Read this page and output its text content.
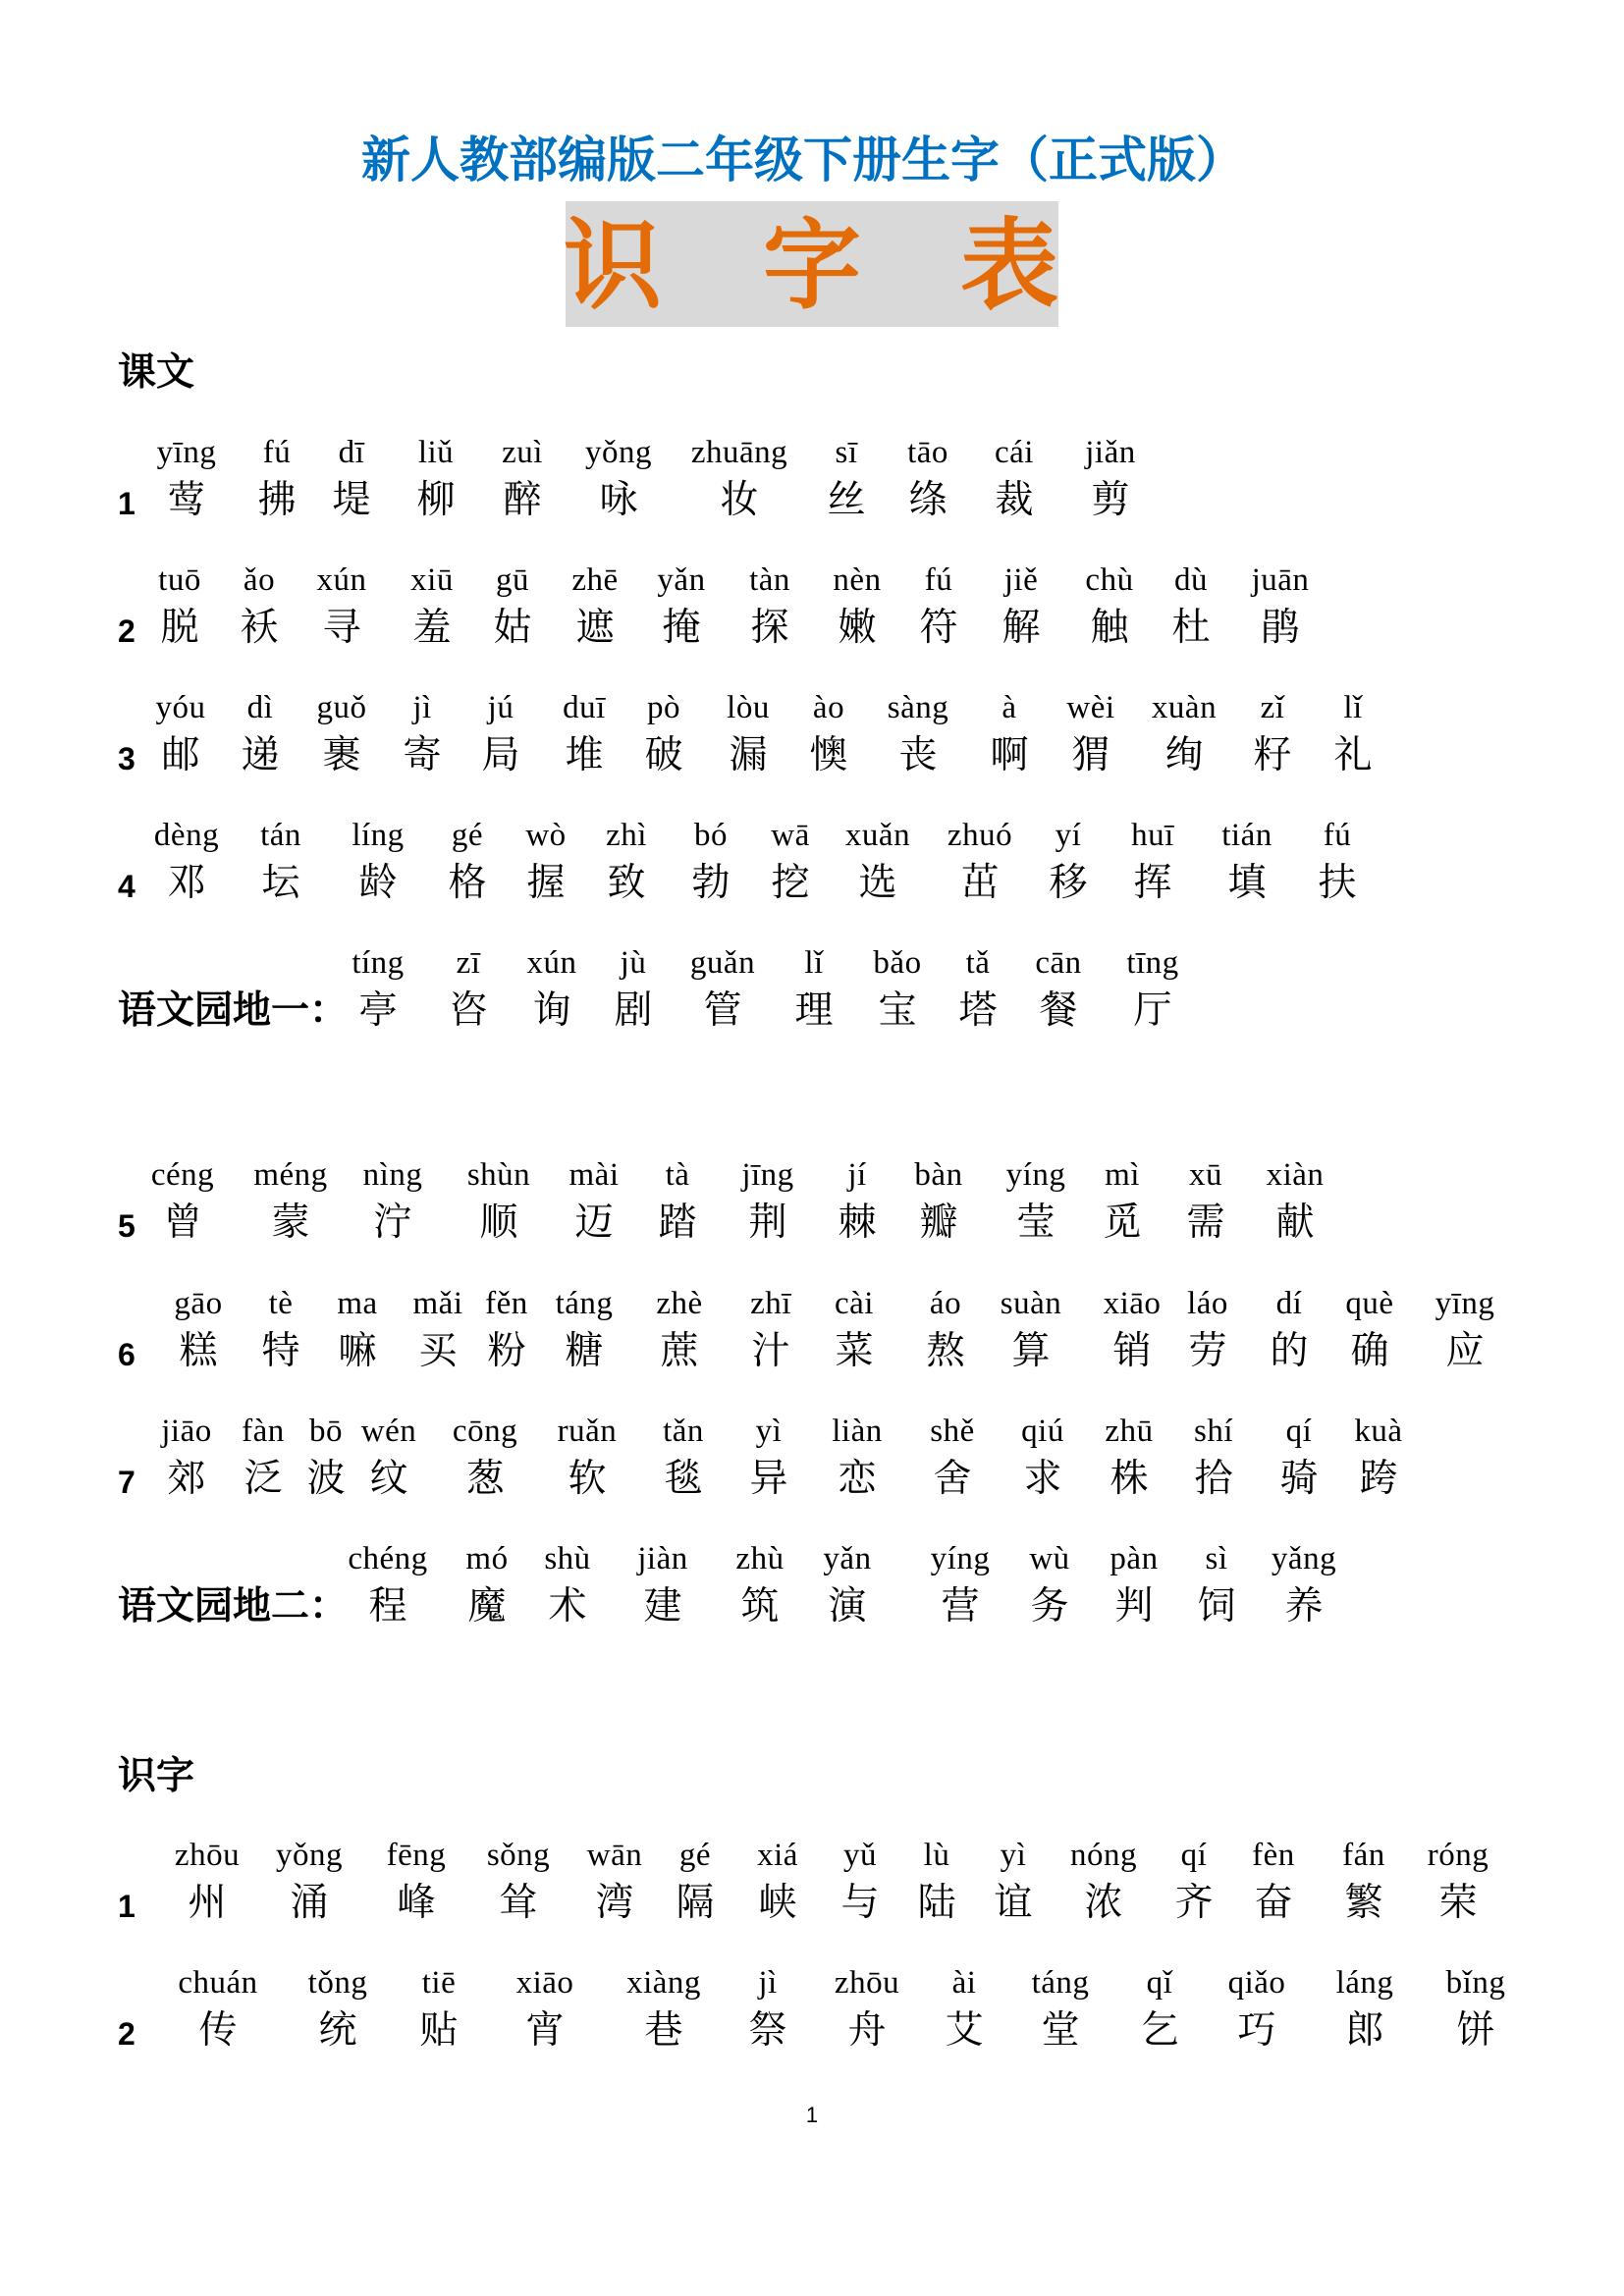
新人教部编版二年级下册生字（正式版）
识 字 表
课文
1
yīng
莺
fú
拂
dī
堤
liǔ
柳
zuì
醉
yǒng
咏
zhuāng
妆
sī
丝
tāo
绦
cái
裁
jiǎn
剪
2
tuō
脱
ǎo
袄
xún
寻
xiū
羞
gū
姑
zhē
遮
yǎn
掩
tàn
探
nèn
嫩
fú
符
jiě
解
chù
触
dù
杜
juān
鹃
3
yóu
邮
dì
递
guǒ
裹
jì
寄
jú
局
duī
堆
pò
破
lòu
漏
ào
懊
sàng
丧
à
啊
wèi
猬
xuàn
绚
zǐ
籽
lǐ
礼
4
dèng
邓
tán
坛
líng
龄
gé
格
wò
握
zhì
致
bó
勃
wā
挖
xuǎn
选
zhuó
茁
yí
移
huī
挥
tián
填
fú
扶
语文园地一：
tíng
亭
zī
咨
xún
询
jù
剧
guǎn
管
lǐ
理
bǎo
宝
tǎ
塔
cān
餐
tīng
厅
5
céng
曾
méng
蒙
nìng
泞
shùn
顺
mài
迈
tà
踏
jīng
荆
jí
棘
bàn
瓣
yíng
莹
mì
觅
xū
需
xiàn
献
6
gāo
糕
tè
特
ma
嘛
mǎi
买
fěn
粉
táng
糖
zhè
蔗
zhī
汁
cài
菜
áo
熬
suàn
算
xiāo
销
láo
劳
dí
的
què
确
yīng
应
7
jiāo
郊
fàn
泛
bō
波
wén
纹
cōng
葱
ruǎn
软
tǎn
毯
yì
异
liàn
恋
shě
舍
qiú
求
zhū
株
shí
拾
qí
骑
kuà
跨
语文园地二：
chéng
程
mó
魔
shù
术
jiàn
建
zhù
筑
yǎn
演
yíng
营
wù
务
pàn
判
sì
饲
yǎng
养
识字
1
zhōu
州
yǒng
涌
fēng
峰
sǒng
耸
wān
湾
gé
隔
xiá
峡
yǔ
与
lù
陆
yì
谊
nóng
浓
qí
齐
fèn
奋
fán
繁
róng
荣
2
chuán
传
tǒng
统
tiē
贴
xiāo
宵
xiàng
巷
jì
祭
zhōu
舟
ài
艾
táng
堂
qǐ
乞
qiǎo
巧
láng
郎
bǐng
饼
1
